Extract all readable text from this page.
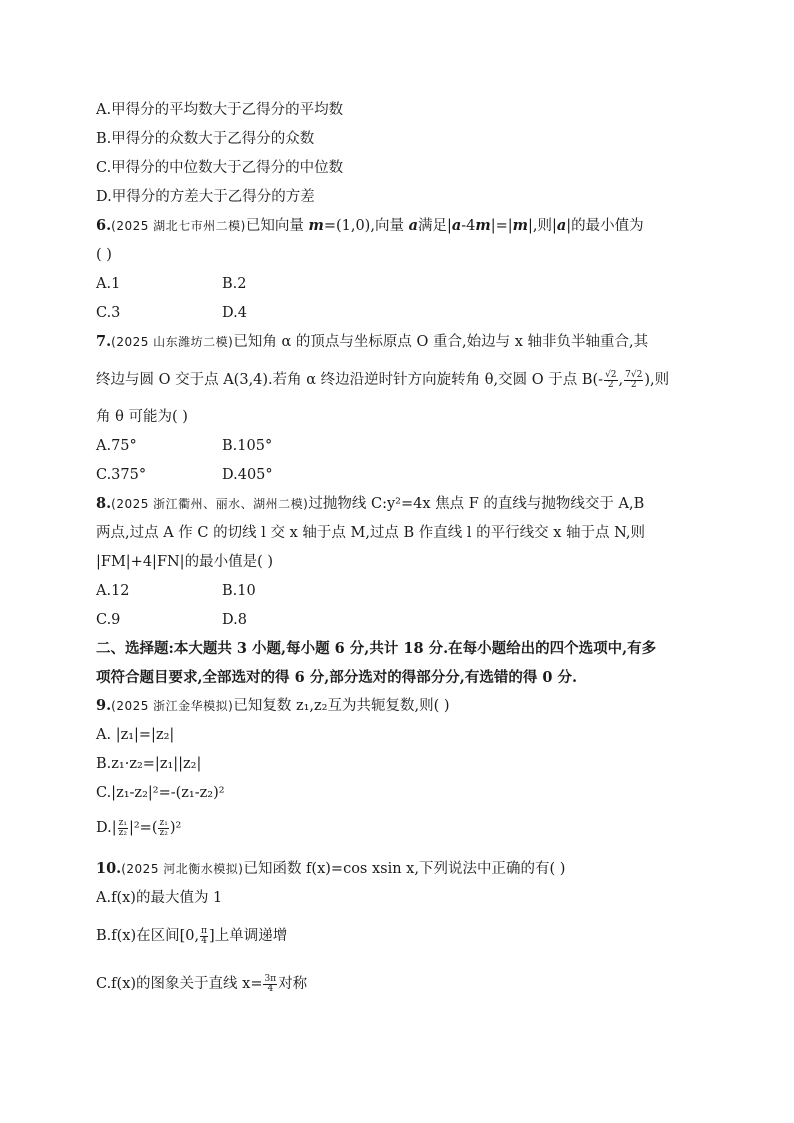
A.甲得分的平均数大于乙得分的平均数
B.甲得分的众数大于乙得分的众数
C.甲得分的中位数大于乙得分的中位数
D.甲得分的方差大于乙得分的方差
6.(2025 湖北七市州二模)已知向量 m=(1,0),向量 a满足|a-4m|=|m|,则|a|的最小值为
( )
A.1	B.2
C.3	D.4
7.(2025 山东潍坊二模)已知角 α 的顶点与坐标原点 O 重合,始边与 x 轴非负半轴重合,其
终边与圆 O 交于点 A(3,4).若角 α 终边沿逆时针方向旋转角 θ,交圆 O 于点 $B(- \frac{√2}{2}$ , $\frac{7√2}{2}$ ),则
角 θ 可能为( )
A.75°	B.105°
C.375°	D.405°
8.(2025 浙江衢州、丽水、湖州二模)过抛物线 C:y²=4x 焦点 F 的直线与抛物线交于 A,B
两点,过点 A 作 C 的切线 l 交 x 轴于点 M,过点 B 作直线 l 的平行线交 x 轴于点 N,则
|FM|+4|FN|的最小值是( )
A.12	B.10
C.9	D.8
二、选择题:本大题共 3 小题,每小题 6 分,共计 18 分.在每小题给出的四个选项中,有多
项符合题目要求,全部选对的得 6 分,部分选对的得部分分,有选错的得 0 分.
9.(2025 浙江金华模拟)已知复数 z₁,z₂互为共轭复数,则( )
A. |z₁|=|z₂|
B.z₁·z₂=|z₁||z₂|
C.|z₁-z₂|²=-(z₁-z₂)²
$D.| \frac{\text{z₁}}{\text{z₂}} |^2=( \frac{\text{z₁}}{\text{z₂}} )^2$
10.(2025 河北衡水模拟)已知函数 f(x)=cos xsin x,下列说法中正确的有( )
A.f(x)的最大值为 1
B.f(x)在区间[0, $\frac{\pi}{4}$ ]上单调递增
C.f(x)的图象关于直线 $x= \frac{3\pi}{4}$ 对称
